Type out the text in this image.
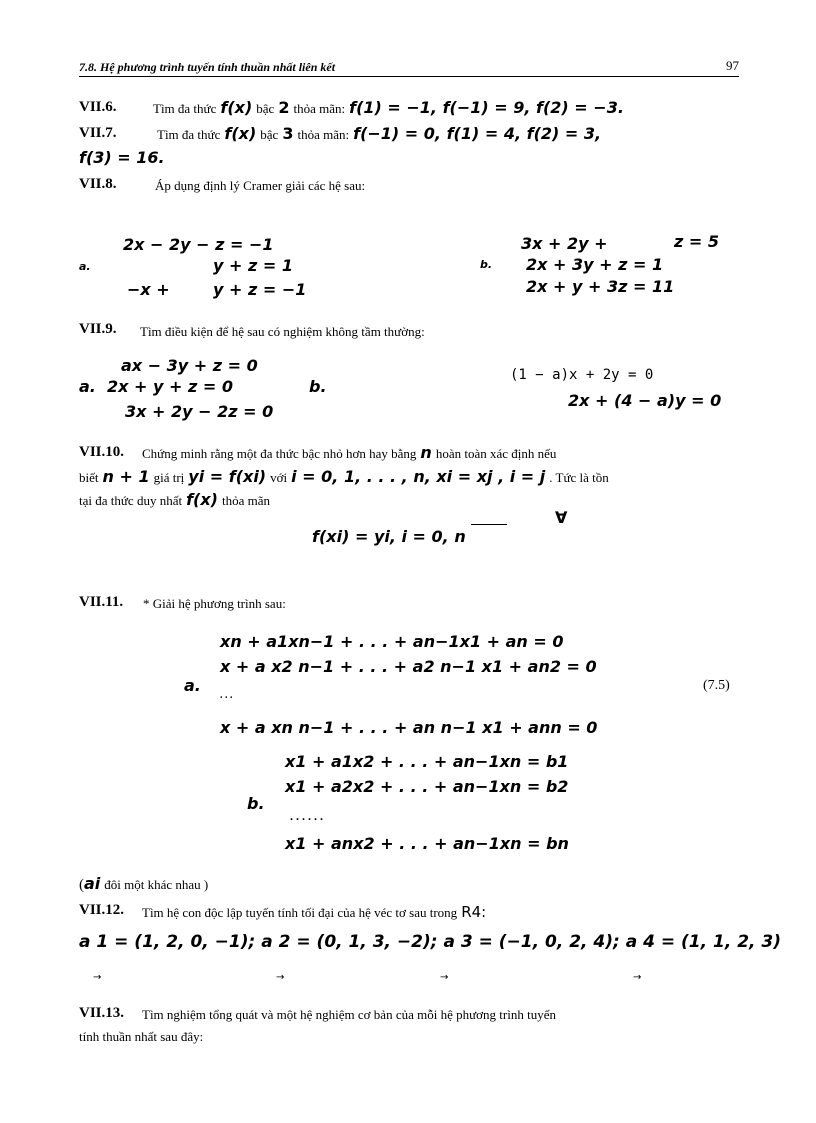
7.8. Hệ phương trình tuyến tính thuần nhất liên kết	97
VII.6.	Tìm đa thức f(x) bậc 2 thỏa mãn: f(1) = −1, f(−1) = 9, f(2) = −3.
VII.7.	Tìm đa thức f(x) bậc 3 thỏa mãn: f(−1) = 0, f(1) = 4, f(2) = 3,
f(3) = 16.
VII.8.	Áp dụng định lý Cramer giải các hệ sau:
a.
2x − 2y − z = −1
y + z = 1
−x +	y + z = −1
b.
3x + 2y +	z = 5
2x + 3y + z = 1
2x + y + 3z = 11
VII.9. Tìm điều kiện để hệ sau có nghiệm không tầm thường:
ax − 3y + z = 0
a. 2x + y + z = 0
3x + 2y − 2z = 0
b.
(1 − a)x + 2y = 0
2x + (4 − a)y = 0
VII.10. Chứng minh rằng một đa thức bậc nhỏ hơn hay bằng n hoàn toàn xác định nếu
biết n + 1 giá trị yi = f(xi) với i = 0, 1, . . . , n, xi = xj , i = j . Tức là tồn
tại đa thức duy nhất f(x) thỏa mãn
∀
f(xi) = yi, i = 0, n
VII.11. * Giải hệ phương trình sau:
xn + a1xn−1 + . . . + an−1x1 + an = 0
x + a x2 n−1 + . . . + a2 n−1 x1 + an2 = 0
a.
. . .
x + a xn n−1 + . . . + an n−1 x1 + ann = 0
(7.5)
x1 + a1x2 + . . . + an−1xn = b1
x1 + a2x2 + . . . + an−1xn = b2
b.
. . . . . .
x1 + anx2 + . . . + an−1xn = bn
(ai đôi một khác nhau )
VII.12. Tìm hệ con độc lập tuyến tính tối đại của hệ véc tơ sau trong R4:
a 1 = (1, 2, 0, −1); a 2 = (0, 1, 3, −2); a 3 = (−1, 0, 2, 4); a 4 = (1, 1, 2, 3)
→	→	→	→
VII.13. Tìm nghiệm tổng quát và một hệ nghiệm cơ bản của mỗi hệ phương trình tuyến
tính thuần nhất sau đây:
